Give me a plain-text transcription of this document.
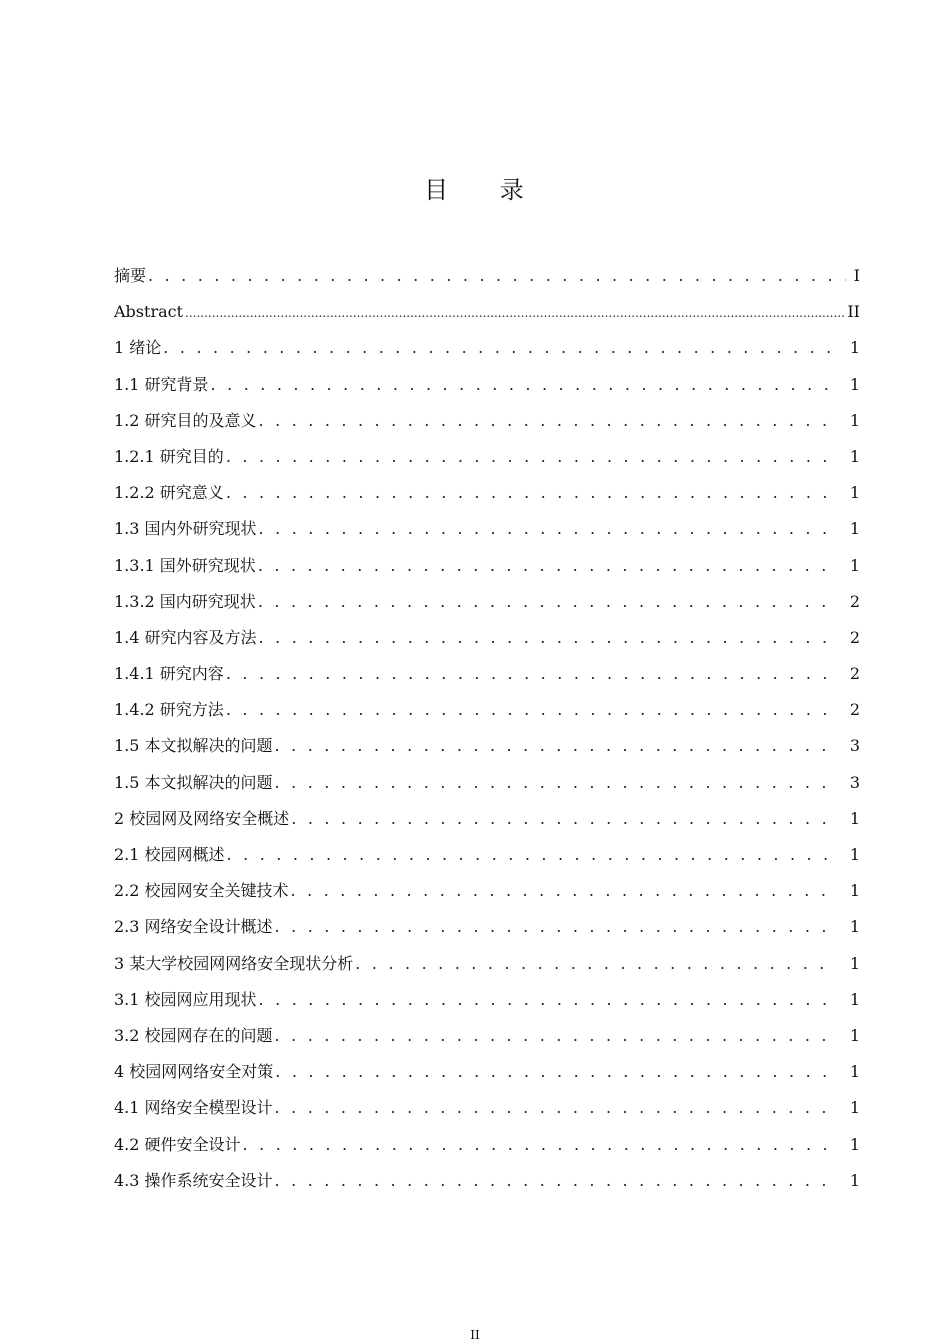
目 录
摘要 . . .	I
Abstract .....	II
1 绪论 . . .	1
1.1 研究背景 . . .	1
1.2 研究目的及意义 . . .	1
1.2.1 研究目的 . . .	1
1.2.2 研究意义 . . .	1
1.3 国内外研究现状 . . .	1
1.3.1 国外研究现状 . . .	1
1.3.2 国内研究现状 . . .	2
1.4 研究内容及方法 . . .	2
1.4.1 研究内容 . . .	2
1.4.2 研究方法 . . .	2
1.5 本文拟解决的问题 . . .	3
1.5 本文拟解决的问题 . . .	3
2 校园网及网络安全概述 . . .	1
2.1 校园网概述 . . .	1
2.2 校园网安全关键技术 . . .	1
2.3 网络安全设计概述 . . .	1
3 某大学校园网网络安全现状分析 . . .	1
3.1 校园网应用现状 . . .	1
3.2 校园网存在的问题 . . .	1
4 校园网网络安全对策 . . .	1
4.1 网络安全模型设计 . . .	1
4.2 硬件安全设计 . . .	1
4.3 操作系统安全设计 . . .	1
II
